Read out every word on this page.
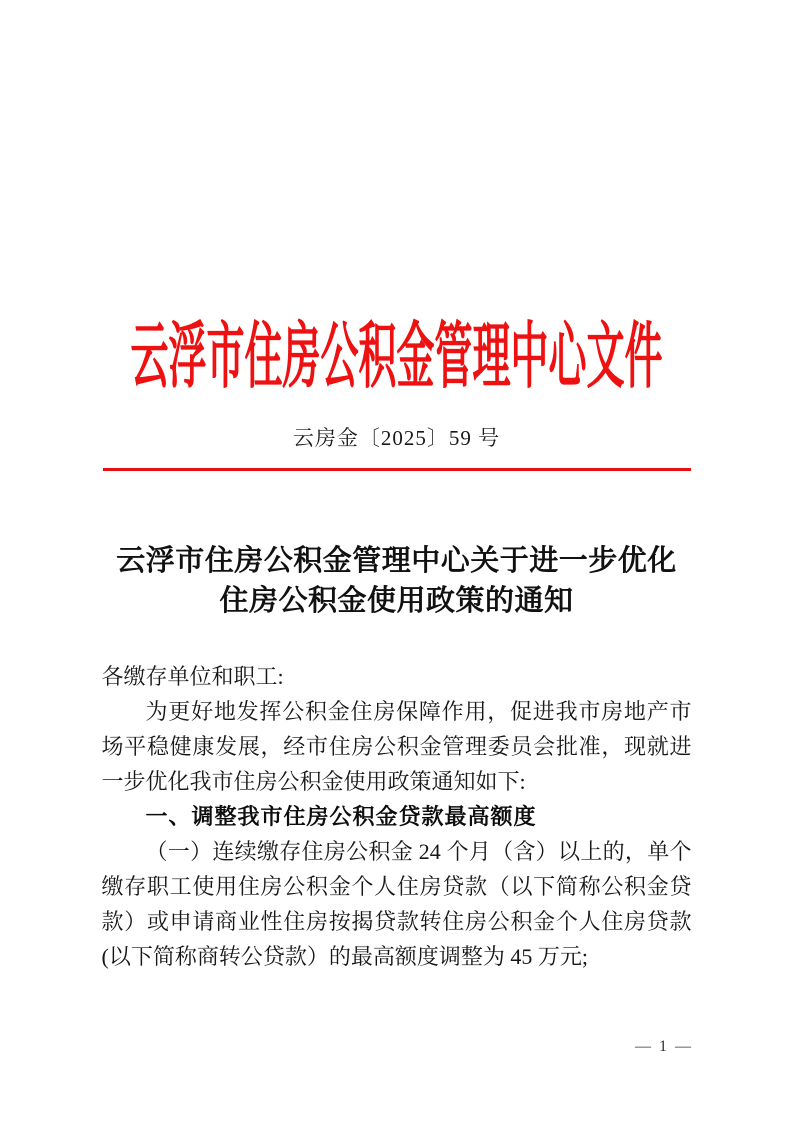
云浮市住房公积金管理中心文件
云房金〔2025〕59 号
云浮市住房公积金管理中心关于进一步优化
住房公积金使用政策的通知

各缴存单位和职工:

为更好地发挥公积金住房保障作用，促进我市房地产市场平稳健康发展，经市住房公积金管理委员会批准，现就进一步优化我市住房公积金使用政策通知如下:

一、调整我市住房公积金贷款最高额度

（一）连续缴存住房公积金 24 个月（含）以上的，单个缴存职工使用住房公积金个人住房贷款（以下简称公积金贷款）或申请商业性住房按揭贷款转住房公积金个人住房贷款(以下简称商转公贷款）的最高额度调整为 45 万元;

— 1 —
